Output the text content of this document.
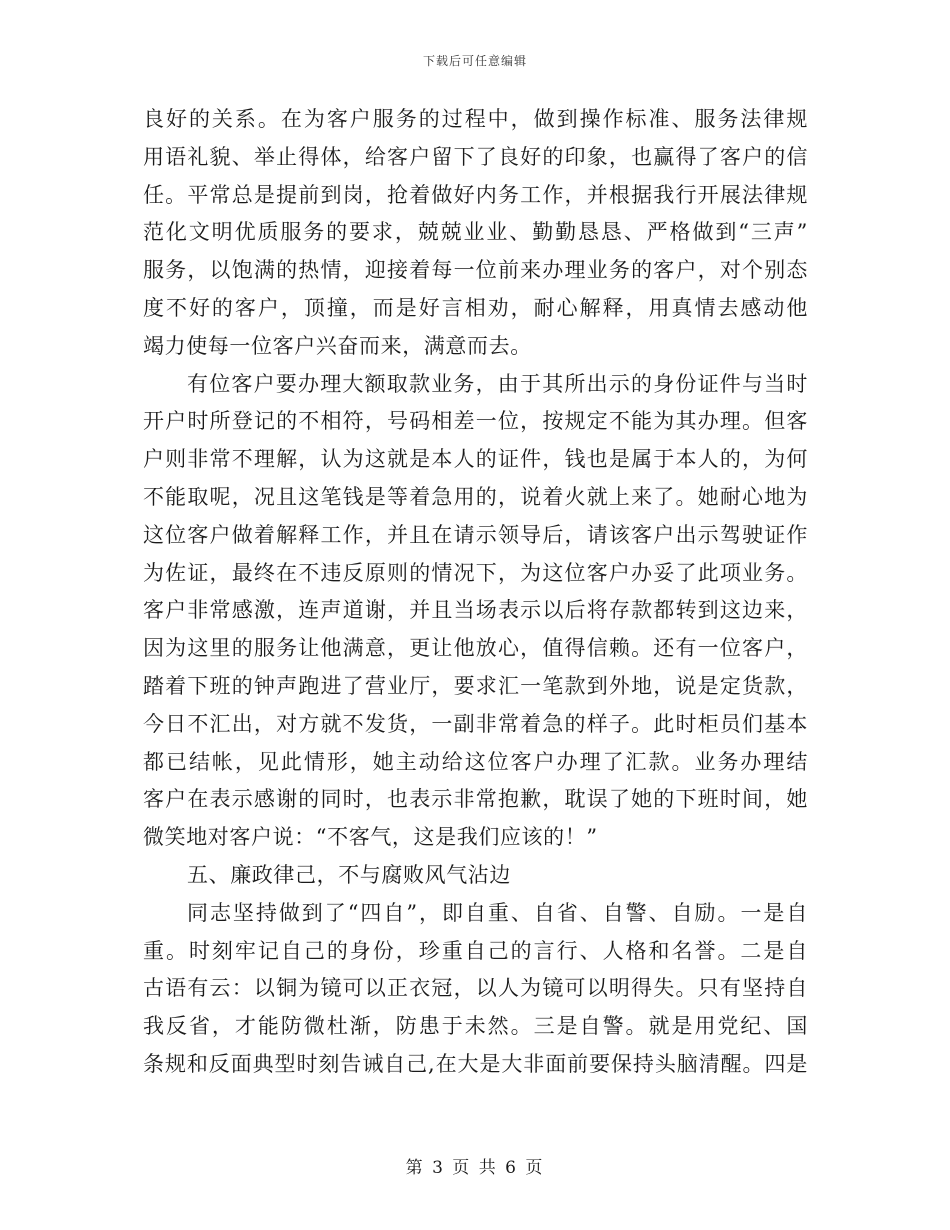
下载后可任意编辑
良好的关系。在为客户服务的过程中，做到操作标准、服务法律规
用语礼貌、举止得体，给客户留下了良好的印象，也赢得了客户的信
任。平常总是提前到岗，抢着做好内务工作，并根据我行开展法律规
范化文明优质服务的要求，兢兢业业、勤勤恳恳、严格做到“三声”
服务，以饱满的热情，迎接着每一位前来办理业务的客户，对个别态
度不好的客户，顶撞，而是好言相劝，耐心解释，用真情去感动他
竭力使每一位客户兴奋而来，满意而去。
有位客户要办理大额取款业务，由于其所出示的身份证件与当时
开户时所登记的不相符，号码相差一位，按规定不能为其办理。但客
户则非常不理解，认为这就是本人的证件，钱也是属于本人的，为何
不能取呢，况且这笔钱是等着急用的，说着火就上来了。她耐心地为
这位客户做着解释工作，并且在请示领导后，请该客户出示驾驶证作
为佐证，最终在不违反原则的情况下，为这位客户办妥了此项业务。
客户非常感激，连声道谢，并且当场表示以后将存款都转到这边来，
因为这里的服务让他满意，更让他放心，值得信赖。还有一位客户，
踏着下班的钟声跑进了营业厅，要求汇一笔款到外地，说是定货款，
今日不汇出，对方就不发货，一副非常着急的样子。此时柜员们基本
都已结帐，见此情形，她主动给这位客户办理了汇款。业务办理结
客户在表示感谢的同时，也表示非常抱歉，耽误了她的下班时间，她
微笑地对客户说：“不客气，这是我们应该的！”
五、廉政律己，不与腐败风气沾边
同志坚持做到了“四自”，即自重、自省、自警、自励。一是自
重。时刻牢记自己的身份，珍重自己的言行、人格和名誉。二是自
古语有云：以铜为镜可以正衣冠，以人为镜可以明得失。只有坚持自
我反省，才能防微杜渐，防患于未然。三是自警。就是用党纪、国
条规和反面典型时刻告诫自己,在大是大非面前要保持头脑清醒。四是
第 3 页 共 6 页
